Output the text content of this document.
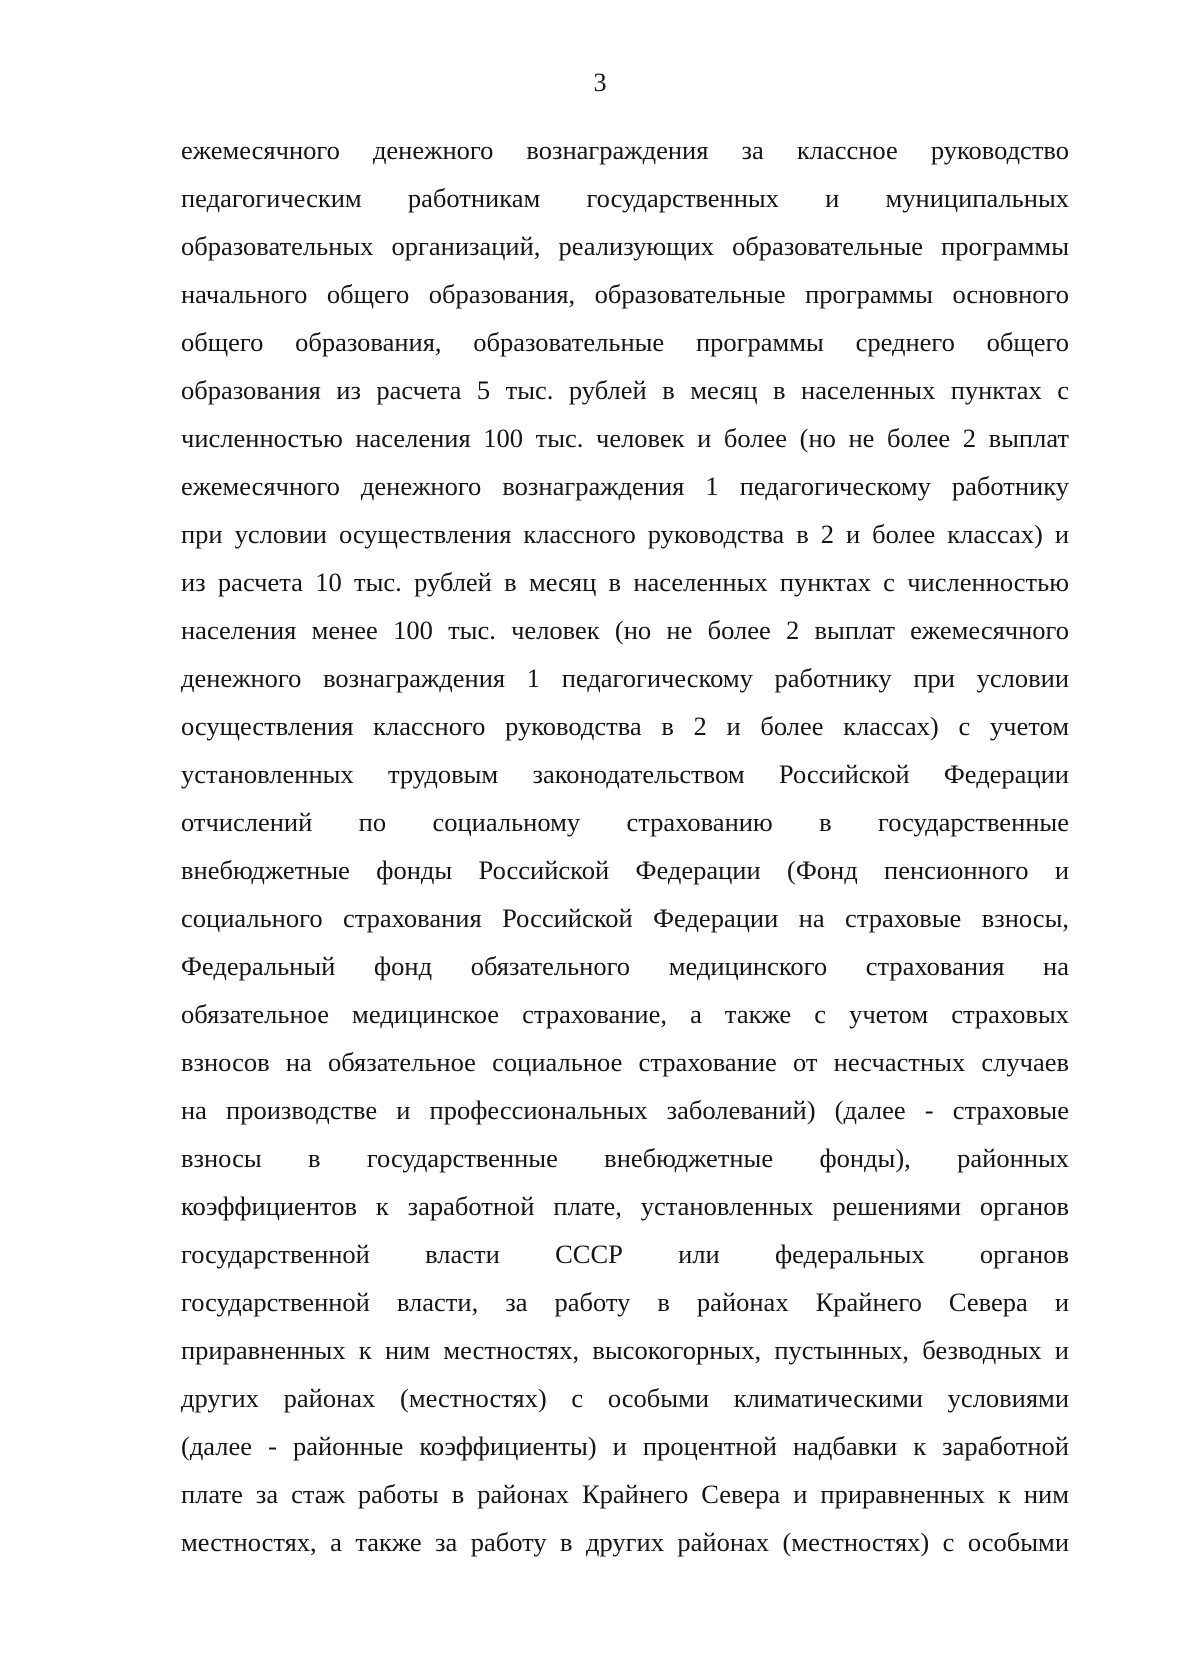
3
ежемесячного денежного вознаграждения за классное руководство
педагогическим работникам государственных и муниципальных
образовательных организаций, реализующих образовательные программы
начального общего образования, образовательные программы основного
общего образования, образовательные программы среднего общего
образования из расчета 5 тыс. рублей в месяц в населенных пунктах с
численностью населения 100 тыс. человек и более (но не более 2 выплат
ежемесячного денежного вознаграждения 1 педагогическому работнику
при условии осуществления классного руководства в 2 и более классах) и
из расчета 10 тыс. рублей в месяц в населенных пунктах с численностью
населения менее 100 тыс. человек (но не более 2 выплат ежемесячного
денежного вознаграждения 1 педагогическому работнику при условии
осуществления классного руководства в 2 и более классах) с учетом
установленных трудовым законодательством Российской Федерации
отчислений по социальному страхованию в государственные
внебюджетные фонды Российской Федерации (Фонд пенсионного и
социального страхования Российской Федерации на страховые взносы,
Федеральный фонд обязательного медицинского страхования на
обязательное медицинское страхование, а также с учетом страховых
взносов на обязательное социальное страхование от несчастных случаев
на производстве и профессиональных заболеваний) (далее - страховые
взносы в государственные внебюджетные фонды), районных
коэффициентов к заработной плате, установленных решениями органов
государственной власти СССР или федеральных органов
государственной власти, за работу в районах Крайнего Севера и
приравненных к ним местностях, высокогорных, пустынных, безводных и
других районах (местностях) с особыми климатическими условиями
(далее - районные коэффициенты) и процентной надбавки к заработной
плате за стаж работы в районах Крайнего Севера и приравненных к ним
местностях, а также за работу в других районах (местностях) с особыми
